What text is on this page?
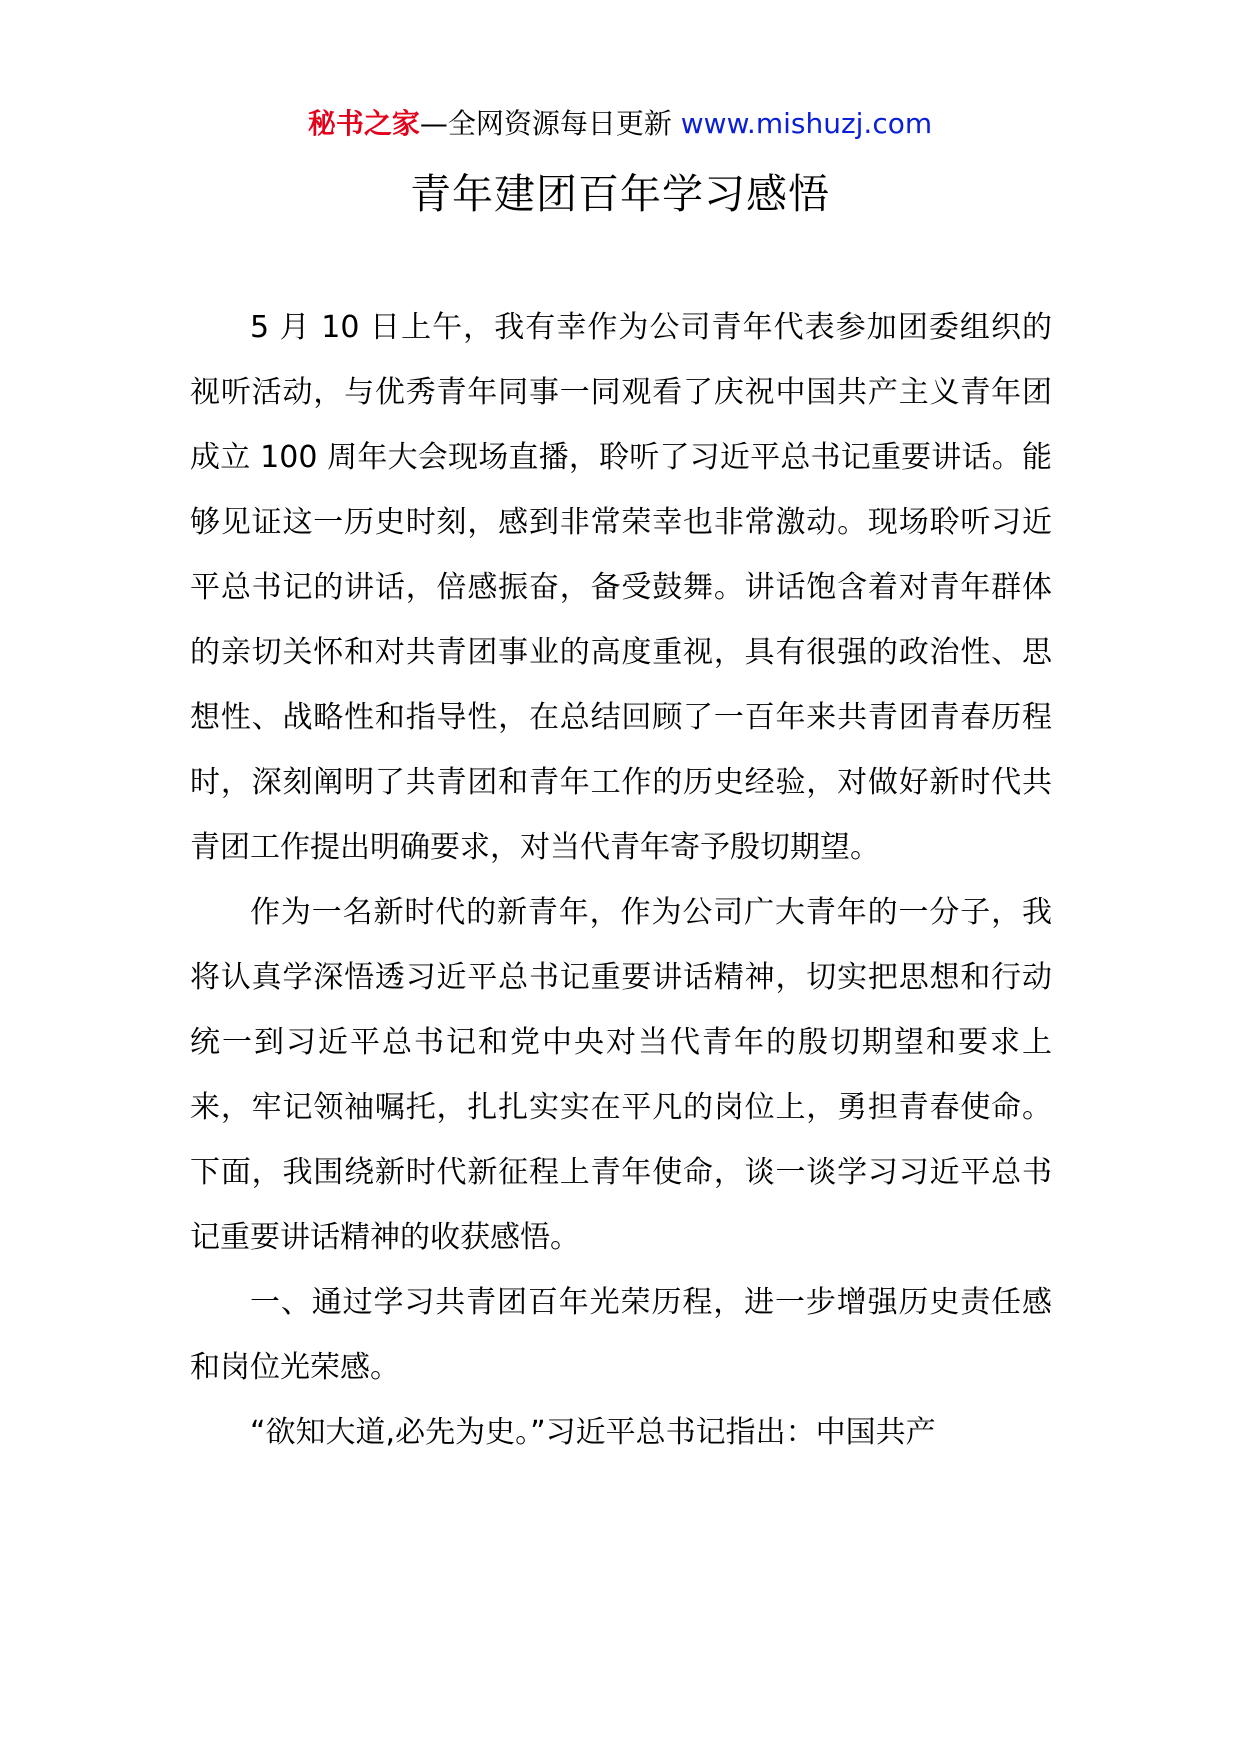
秘书之家—全网资源每日更新 www.mishuzj.com
青年建团百年学习感悟

5 月 10 日上午，我有幸作为公司青年代表参加团委组织的视听活动，与优秀青年同事一同观看了庆祝中国共产主义青年团成立 100 周年大会现场直播，聆听了习近平总书记重要讲话。能够见证这一历史时刻，感到非常荣幸也非常激动。现场聆听习近平总书记的讲话，倍感振奋，备受鼓舞。讲话饱含着对青年群体的亲切关怀和对共青团事业的高度重视，具有很强的政治性、思想性、战略性和指导性，在总结回顾了一百年来共青团青春历程时，深刻阐明了共青团和青年工作的历史经验，对做好新时代共青团工作提出明确要求，对当代青年寄予殷切期望。

作为一名新时代的新青年，作为公司广大青年的一分子，我将认真学深悟透习近平总书记重要讲话精神，切实把思想和行动统一到习近平总书记和党中央对当代青年的殷切期望和要求上来，牢记领袖嘱托，扎扎实实在平凡的岗位上，勇担青春使命。下面，我围绕新时代新征程上青年使命，谈一谈学习习近平总书记重要讲话精神的收获感悟。

一、通过学习共青团百年光荣历程，进一步增强历史责任感和岗位光荣感。

“欲知大道,必先为史。”习近平总书记指出：中国共产
